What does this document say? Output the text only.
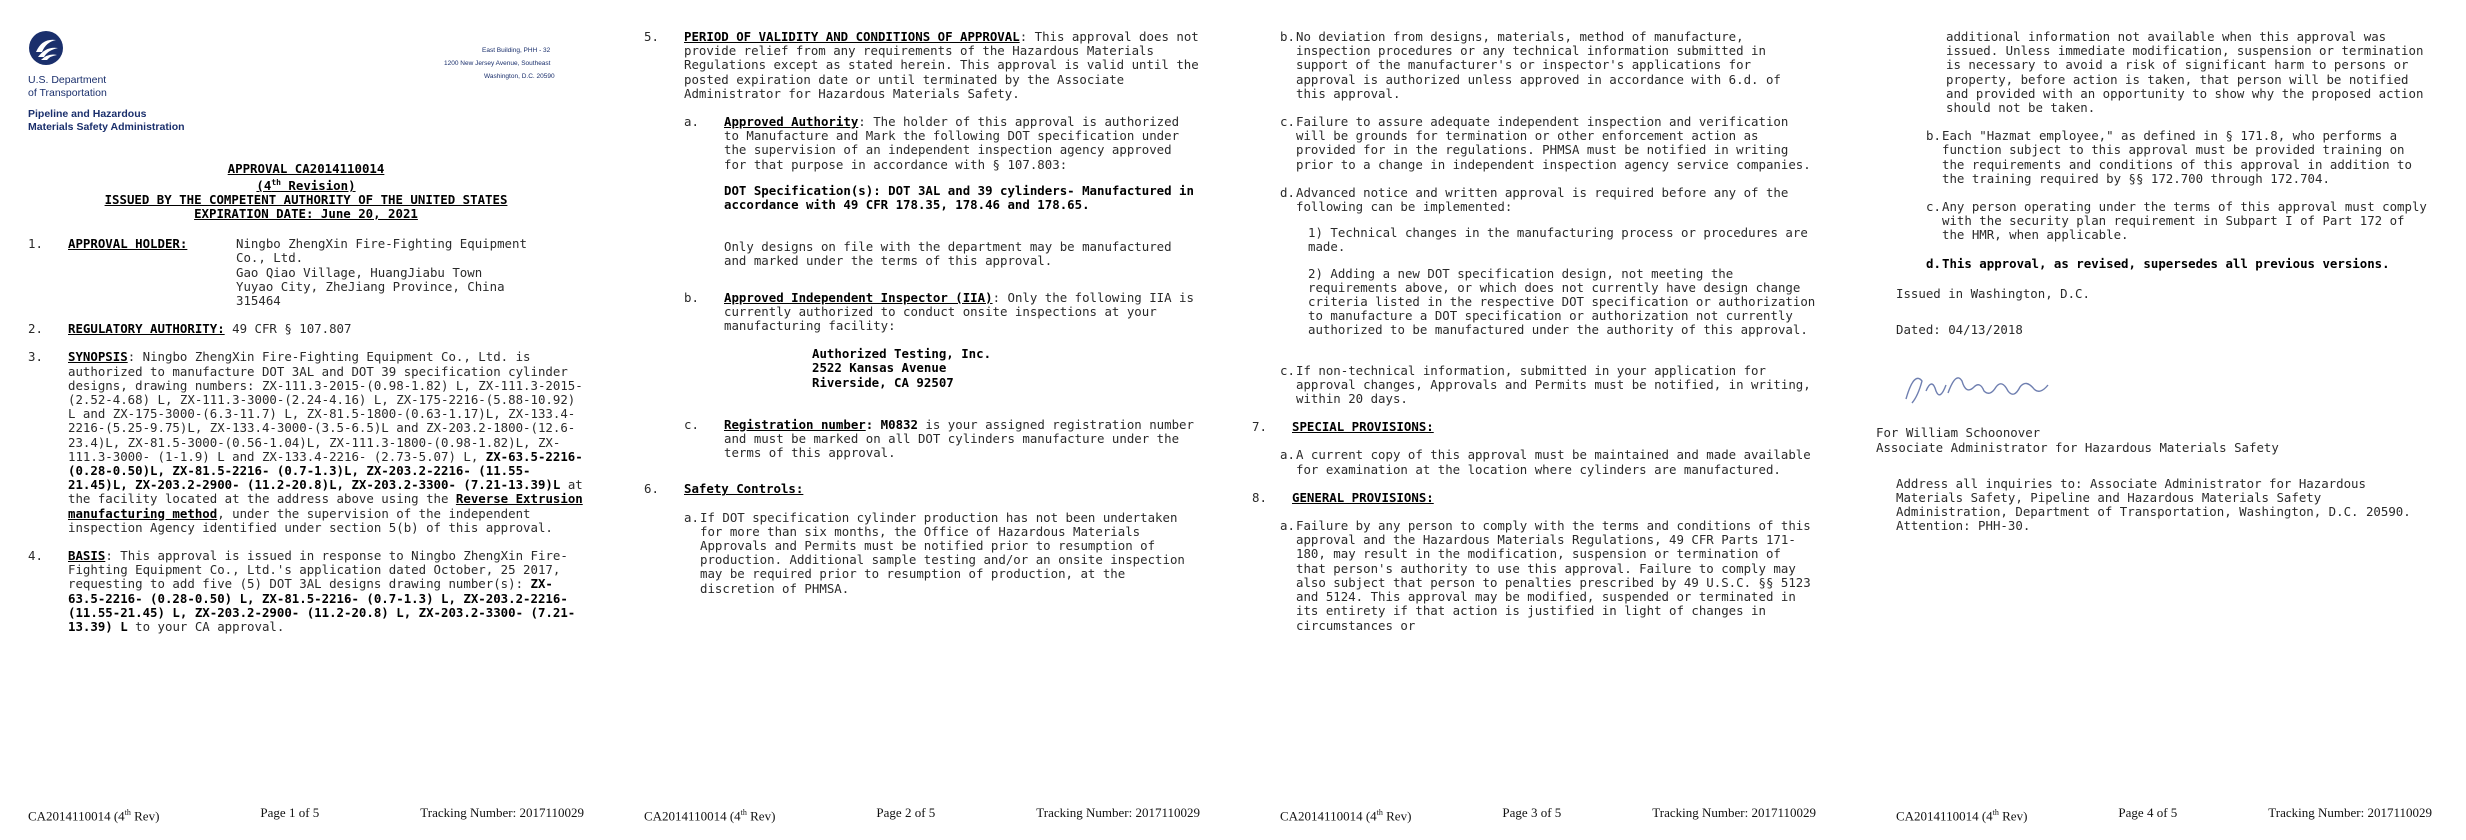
U.S. Department
of Transportation
Pipeline and Hazardous
Materials Safety Administration
East Building, PHH - 32
1200 New Jersey Avenue, Southeast
Washington, D.C. 20590
APPROVAL CA2014110014
(4th Revision)
ISSUED BY THE COMPETENT AUTHORITY OF THE UNITED STATES
EXPIRATION DATE: June 20, 2021
1.	APPROVAL HOLDER:	Ningbo ZhengXin Fire-Fighting Equipment
Co., Ltd.
Gao Qiao Village, HuangJiabu Town
Yuyao City, ZheJiang Province, China
315464
2.	REGULATORY AUTHORITY: 49 CFR § 107.807
3.	SYNOPSIS: Ningbo ZhengXin Fire-Fighting Equipment Co., Ltd. is authorized to manufacture DOT 3AL and DOT 39 specification cylinder designs, drawing numbers: ZX-111.3-2015-(0.98-1.82) L, ZX-111.3-2015-(2.52-4.68) L, ZX-111.3-3000-(2.24-4.16) L, ZX-175-2216-(5.88-10.92) L and ZX-175-3000-(6.3-11.7) L, ZX-81.5-1800-(0.63-1.17)L, ZX-133.4-2216-(5.25-9.75)L, ZX-133.4-3000-(3.5-6.5)L and ZX-203.2-1800-(12.6-23.4)L, ZX-81.5-3000-(0.56-1.04)L, ZX-111.3-1800-(0.98-1.82)L, ZX-111.3-3000- (1-1.9) L and ZX-133.4-2216- (2.73-5.07) L, ZX-63.5-2216- (0.28-0.50)L, ZX-81.5-2216- (0.7-1.3)L, ZX-203.2-2216- (11.55-21.45)L, ZX-203.2-2900- (11.2-20.8)L, ZX-203.2-3300- (7.21-13.39)L at the facility located at the address above using the Reverse Extrusion manufacturing method, under the supervision of the independent inspection Agency identified under section 5(b) of this approval.
4.	BASIS: This approval is issued in response to Ningbo ZhengXin Fire-Fighting Equipment Co., Ltd.'s application dated October, 25 2017, requesting to add five (5) DOT 3AL designs drawing number(s): ZX-63.5-2216- (0.28-0.50) L, ZX-81.5-2216- (0.7-1.3) L, ZX-203.2-2216- (11.55-21.45) L, ZX-203.2-2900- (11.2-20.8) L, ZX-203.2-3300- (7.21-13.39) L to your CA approval.
CA2014110014 (4th Rev)	Page 1 of 5	Tracking Number: 2017110029
5.	PERIOD OF VALIDITY AND CONDITIONS OF APPROVAL: This approval does not provide relief from any requirements of the Hazardous Materials Regulations except as stated herein. This approval is valid until the posted expiration date or until terminated by the Associate Administrator for Hazardous Materials Safety.
a.	Approved Authority: The holder of this approval is authorized to Manufacture and Mark the following DOT specification under the supervision of an independent inspection agency approved for that purpose in accordance with § 107.803:
DOT Specification(s): DOT 3AL and 39 cylinders- Manufactured in accordance with 49 CFR 178.35, 178.46 and 178.65.
Only designs on file with the department may be manufactured and marked under the terms of this approval.
b.	Approved Independent Inspector (IIA): Only the following IIA is currently authorized to conduct onsite inspections at your manufacturing facility:
Authorized Testing, Inc.
2522 Kansas Avenue
Riverside, CA 92507
c.	Registration number: M0832 is your assigned registration number and must be marked on all DOT cylinders manufacture under the terms of this approval.
6.	Safety Controls:
a. If DOT specification cylinder production has not been undertaken for more than six months, the Office of Hazardous Materials Approvals and Permits must be notified prior to resumption of production. Additional sample testing and/or an onsite inspection may be required prior to resumption of production, at the discretion of PHMSA.
CA2014110014 (4th Rev)	Page 2 of 5	Tracking Number: 2017110029
b. No deviation from designs, materials, method of manufacture, inspection procedures or any technical information submitted in support of the manufacturer's or inspector's applications for approval is authorized unless approved in accordance with 6.d. of this approval.
c. Failure to assure adequate independent inspection and verification will be grounds for termination or other enforcement action as provided for in the regulations. PHMSA must be notified in writing prior to a change in independent inspection agency service companies.
d. Advanced notice and written approval is required before any of the following can be implemented:
1) Technical changes in the manufacturing process or procedures are made.
2) Adding a new DOT specification design, not meeting the requirements above, or which does not currently have design change criteria listed in the respective DOT specification or authorization to manufacture a DOT specification or authorization not currently authorized to be manufactured under the authority of this approval.
c. If non-technical information, submitted in your application for approval changes, Approvals and Permits must be notified, in writing, within 20 days.
7.	SPECIAL PROVISIONS:
a. A current copy of this approval must be maintained and made available for examination at the location where cylinders are manufactured.
8.	GENERAL PROVISIONS:
a. Failure by any person to comply with the terms and conditions of this approval and the Hazardous Materials Regulations, 49 CFR Parts 171-180, may result in the modification, suspension or termination of that person's authority to use this approval. Failure to comply may also subject that person to penalties prescribed by 49 U.S.C. §§ 5123 and 5124. This approval may be modified, suspended or terminated in its entirety if that action is justified in light of changes in circumstances or
CA2014110014 (4th Rev)	Page 3 of 5	Tracking Number: 2017110029
additional information not available when this approval was issued. Unless immediate modification, suspension or termination is necessary to avoid a risk of significant harm to persons or property, before action is taken, that person will be notified and provided with an opportunity to show why the proposed action should not be taken.
b. Each "Hazmat employee," as defined in § 171.8, who performs a function subject to this approval must be provided training on the requirements and conditions of this approval in addition to the training required by §§ 172.700 through 172.704.
c. Any person operating under the terms of this approval must comply with the security plan requirement in Subpart I of Part 172 of the HMR, when applicable.
d. This approval, as revised, supersedes all previous versions.
Issued in Washington, D.C.
Dated: 04/13/2018
For William Schoonover
Associate Administrator for Hazardous Materials Safety
Address all inquiries to: Associate Administrator for Hazardous Materials Safety, Pipeline and Hazardous Materials Safety Administration, Department of Transportation, Washington, D.C. 20590. Attention: PHH-30.
CA2014110014 (4th Rev)	Page 4 of 5	Tracking Number: 2017110029
